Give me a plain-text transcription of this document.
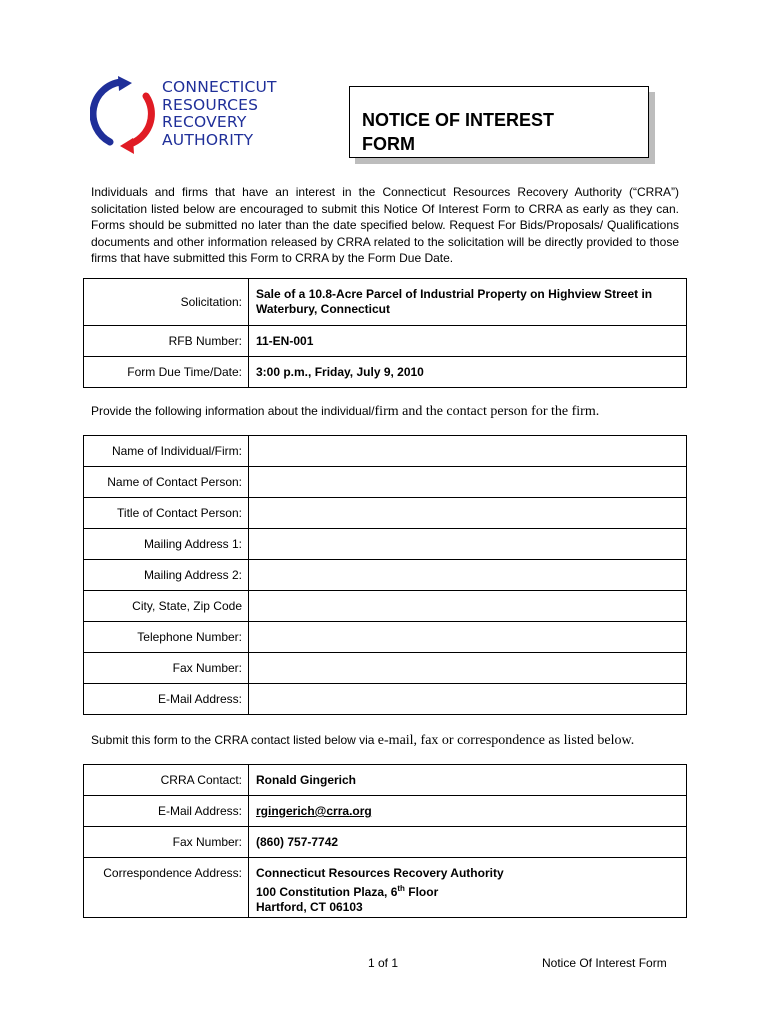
CONNECTICUT
RESOURCES
RECOVERY
AUTHORITY
NOTICE OF INTEREST
FORM
Individuals and firms that have an interest in the Connecticut Resources Recovery Authority (“CRRA”) solicitation listed below are encouraged to submit this Notice Of Interest Form to CRRA as early as they can. Forms should be submitted no later than the date specified below. Request For Bids/Proposals/ Qualifications documents and other information released by CRRA related to the solicitation will be directly provided to those firms that have submitted this Form to CRRA by the Form Due Date.
Solicitation:	Sale of a 10.8-Acre Parcel of Industrial Property on Highview Street in Waterbury, Connecticut
RFB Number:	11-EN-001
Form Due Time/Date:	3:00 p.m., Friday, July 9, 2010
Provide the following information about the individual/firm and the contact person for the firm.
Name of Individual/Firm:	
Name of Contact Person:	
Title of Contact Person:	
Mailing Address 1:	
Mailing Address 2:	
City, State, Zip Code	
Telephone Number:	
Fax Number:	
E-Mail Address:	
Submit this form to the CRRA contact listed below via e-mail, fax or correspondence as listed below.
CRRA Contact:	Ronald Gingerich
E-Mail Address:	rgingerich@crra.org
Fax Number:	(860) 757-7742
Correspondence Address:	Connecticut Resources Recovery Authority
100 Constitution Plaza, 6th Floor
Hartford, CT 06103
1 of 1	Notice Of Interest Form
